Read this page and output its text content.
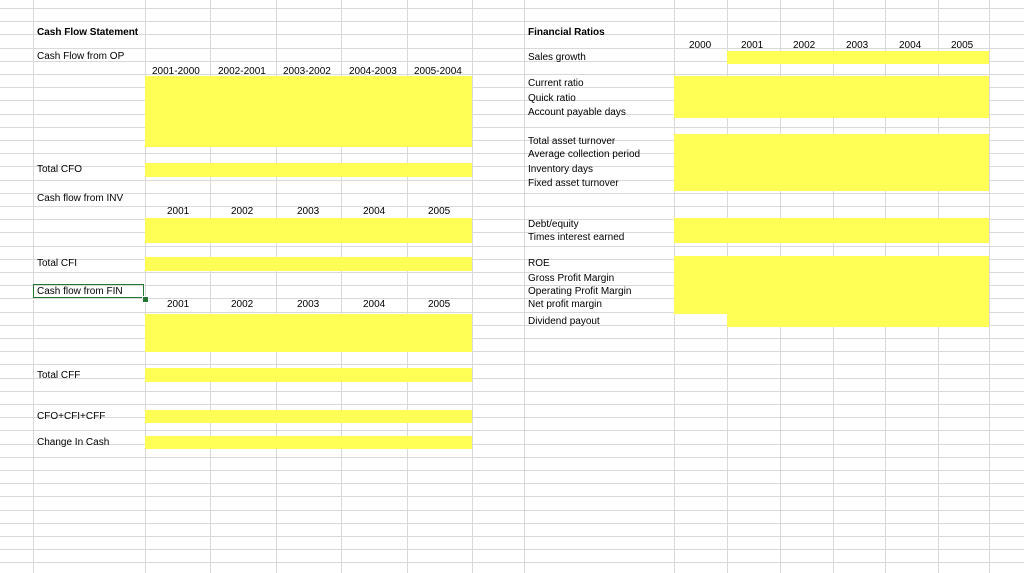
Cash Flow Statement
Cash Flow from OP
2001-2000 2002-2001 2003-2002 2004-2003 2005-2004
Total CFO
Cash flow from INV
2001	2002	2003	2004	2005
Total CFI
Cash flow from FIN
2001	2002	2003	2004	2005
Total CFF
CFO+CFI+CFF
Change In Cash
Financial Ratios
2000	2001	2002	2003	2004	2005
Sales growth
Current ratio
Quick ratio
Account payable days
Total asset turnover
Average collection period
Inventory days
Fixed asset turnover
Debt/equity
Times interest earned
ROE
Gross Profit Margin
Operating Profit Margin
Net profit margin
Dividend payout
